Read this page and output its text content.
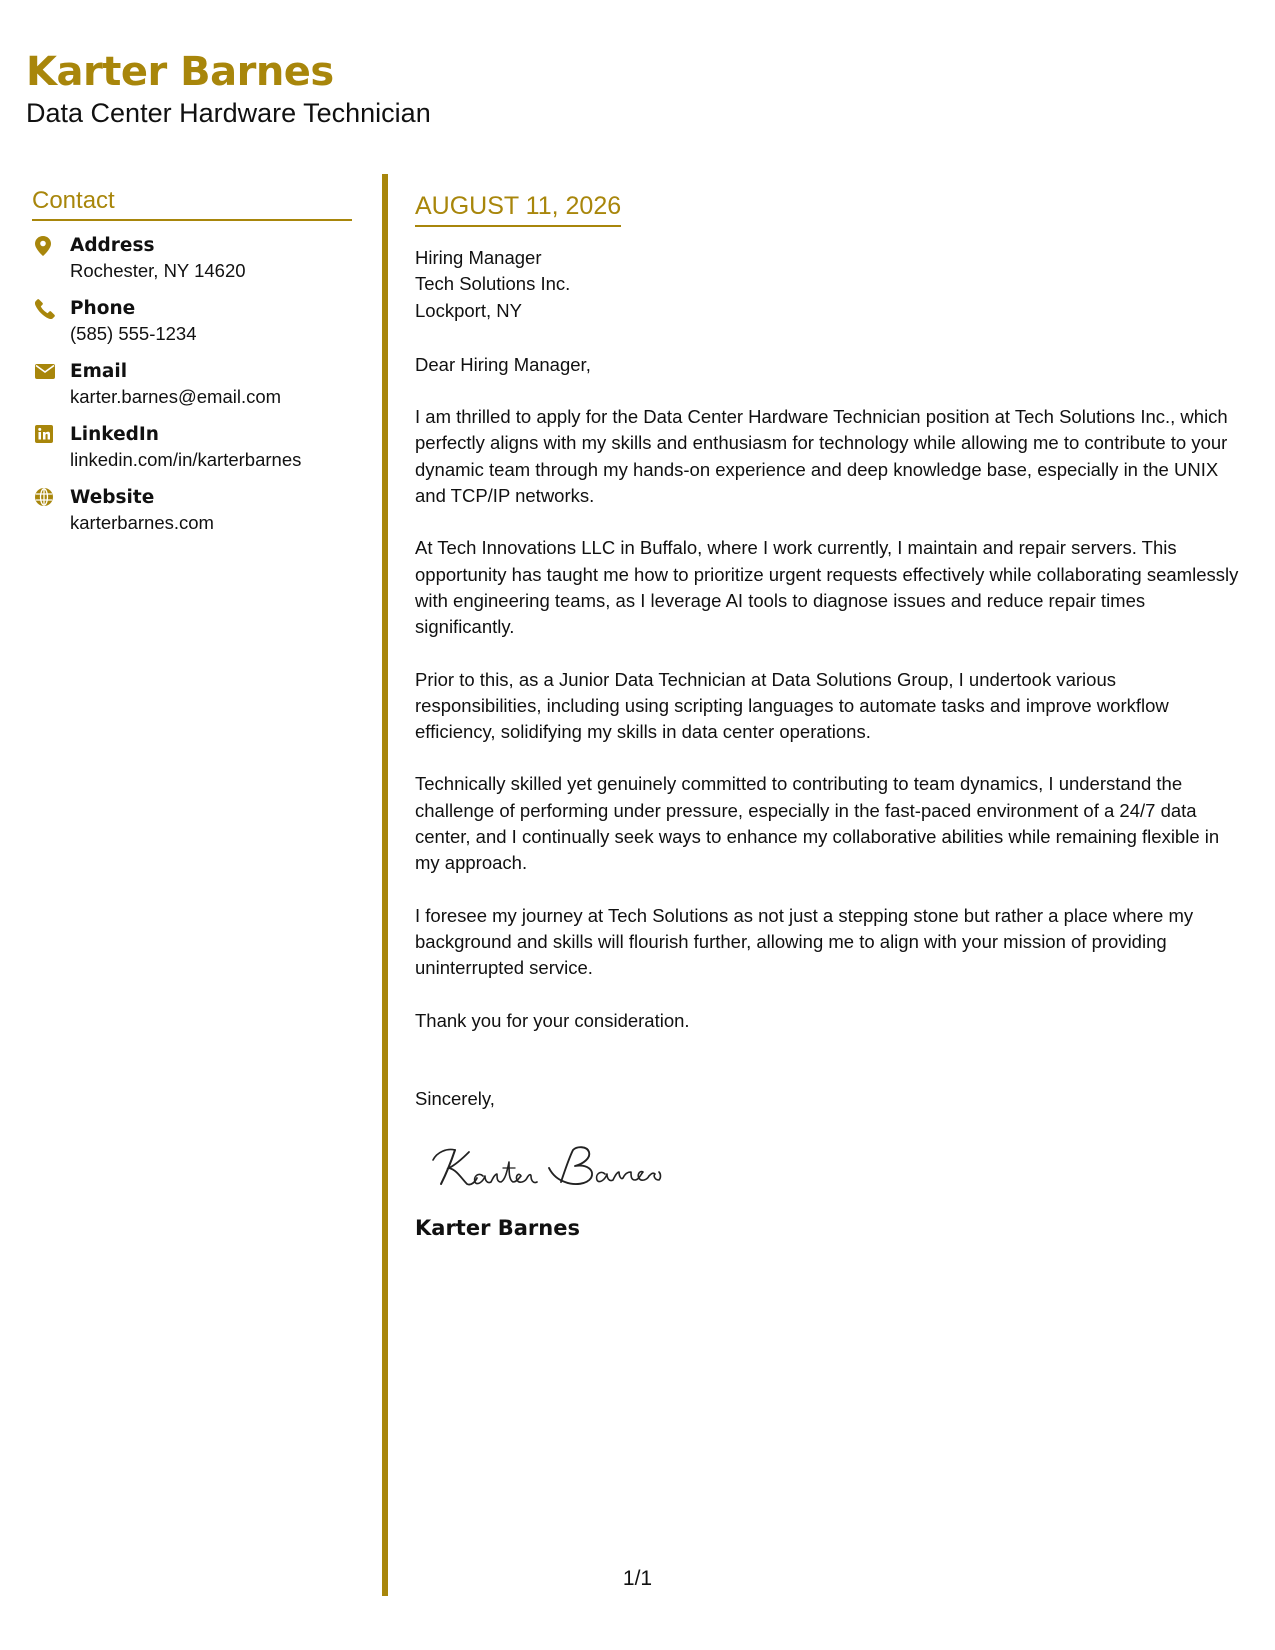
Karter Barnes
Data Center Hardware Technician
Contact
Address
Rochester, NY 14620
Phone
(585) 555-1234
Email
karter.barnes@email.com
LinkedIn
linkedin.com/in/karterbarnes
Website
karterbarnes.com
AUGUST 11, 2026
Hiring Manager
Tech Solutions Inc.
Lockport, NY
Dear Hiring Manager,
I am thrilled to apply for the Data Center Hardware Technician position at Tech Solutions Inc., which perfectly aligns with my skills and enthusiasm for technology while allowing me to contribute to your dynamic team through my hands-on experience and deep knowledge base, especially in the UNIX and TCP/IP networks.
At Tech Innovations LLC in Buffalo, where I work currently, I maintain and repair servers. This opportunity has taught me how to prioritize urgent requests effectively while collaborating seamlessly with engineering teams, as I leverage AI tools to diagnose issues and reduce repair times significantly.
Prior to this, as a Junior Data Technician at Data Solutions Group, I undertook various responsibilities, including using scripting languages to automate tasks and improve workflow efficiency, solidifying my skills in data center operations.
Technically skilled yet genuinely committed to contributing to team dynamics, I understand the challenge of performing under pressure, especially in the fast-paced environment of a 24/7 data center, and I continually seek ways to enhance my collaborative abilities while remaining flexible in my approach.
I foresee my journey at Tech Solutions as not just a stepping stone but rather a place where my background and skills will flourish further, allowing me to align with your mission of providing uninterrupted service.
Thank you for your consideration.
Sincerely,
Karter Barnes
1/1
